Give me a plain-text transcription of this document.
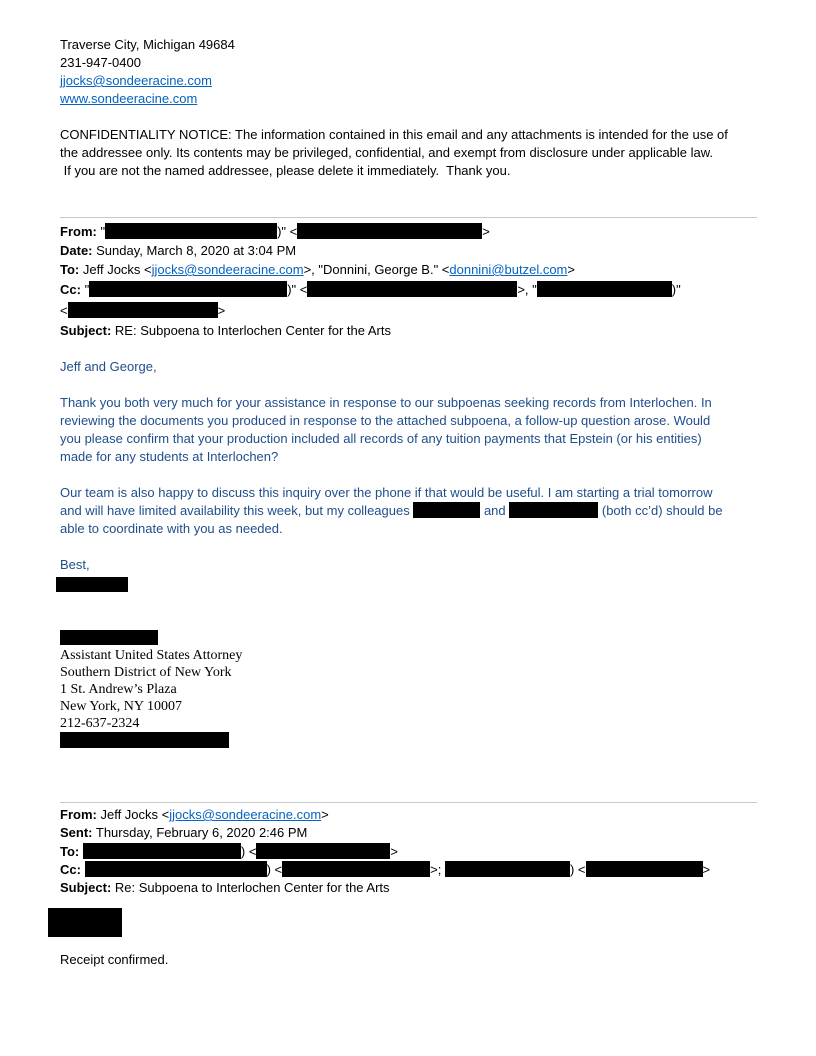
Traverse City, Michigan 49684
231-947-0400
jjocks@sondeeracine.com
www.sondeeracine.com
CONFIDENTIALITY NOTICE: The information contained in this email and any attachments is intended for the use of
the addressee only. Its contents may be privileged, confidential, and exempt from disclosure under applicable law.
If you are not the named addressee, please delete it immediately.  Thank you.
From: "	)" <	>
Date: Sunday, March 8, 2020 at 3:04 PM
To: Jeff Jocks <jjocks@sondeeracine.com>, "Donnini, George B." <donnini@butzel.com>
Cc: "	)" <	>, "	)"
<	>
Subject: RE: Subpoena to Interlochen Center for the Arts
Jeff and George,
Thank you both very much for your assistance in response to our subpoenas seeking records from Interlochen. In
reviewing the documents you produced in response to the attached subpoena, a follow-up question arose. Would
you please confirm that your production included all records of any tuition payments that Epstein (or his entities)
made for any students at Interlochen?
Our team is also happy to discuss this inquiry over the phone if that would be useful. I am starting a trial tomorrow
and will have limited availability this week, but my colleagues	and	(both cc’d) should be
able to coordinate with you as needed.
Best,
Assistant United States Attorney
Southern District of New York
1 St. Andrew’s Plaza
New York, NY 10007
212-637-2324
From: Jeff Jocks <jjocks@sondeeracine.com>
Sent: Thursday, February 6, 2020 2:46 PM
To:	) <	>
Cc:	) <	>;	) <	>
Subject: Re: Subpoena to Interlochen Center for the Arts
Receipt confirmed.
